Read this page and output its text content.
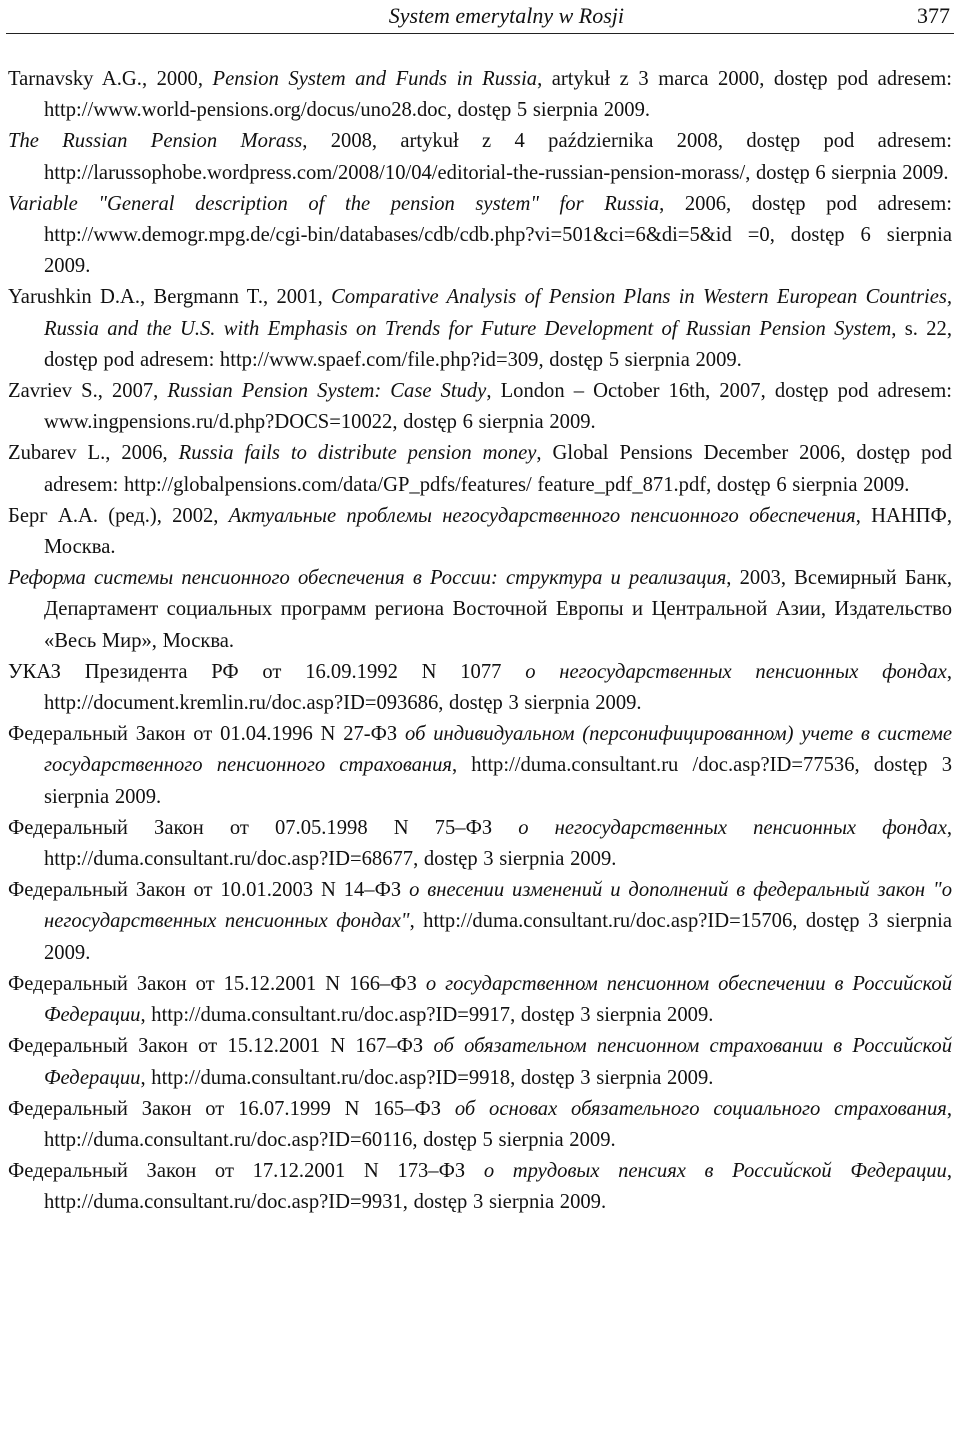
System emerytalny w Rosji	377

Tarnavsky A.G., 2000, Pension System and Funds in Russia, artykuł z 3 marca 2000, dostęp pod adresem: http://www.world-pensions.org/docus/uno28.doc, dostęp 5 sierpnia 2009.

The Russian Pension Morass, 2008, artykuł z 4 października 2008, dostęp pod adresem: http://larussophobe.wordpress.com/2008/10/04/editorial-the-russian-pension-morass/, dostęp 6 sierpnia 2009.

Variable "General description of the pension system" for Russia, 2006, dostęp pod adresem: http://www.demogr.mpg.de/cgi-bin/databases/cdb/cdb.php?vi=501&ci=6&di=5&id =0, dostęp 6 sierpnia 2009.

Yarushkin D.A., Bergmann T., 2001, Comparative Analysis of Pension Plans in Western European Countries, Russia and the U.S. with Emphasis on Trends for Future Development of Russian Pension System, s. 22, dostęp pod adresem: http://www.spaef.com/file.php?id=309, dostęp 5 sierpnia 2009.

Zavriev S., 2007, Russian Pension System: Case Study, London – October 16th, 2007, dostęp pod adresem: www.ingpensions.ru/d.php?DOCS=10022, dostęp 6 sierpnia 2009.

Zubarev L., 2006, Russia fails to distribute pension money, Global Pensions December 2006, dostęp pod adresem: http://globalpensions.com/data/GP_pdfs/features/ feature_pdf_871.pdf, dostęp 6 sierpnia 2009.

Берг А.А. (ред.), 2002, Актуальные проблемы негосударственного пенсионного обеспечения, НАНПФ, Москва.

Реформа системы пенсионного обеспечения в России: структура и реализация, 2003, Всемирный Банк, Департамент социальных программ региона Восточной Европы и Центральной Азии, Издательство «Весь Мир», Москва.

УКАЗ Президента РФ от 16.09.1992 N 1077 о негосударственных пенсионных фондах, http://document.kremlin.ru/doc.asp?ID=093686, dostęp 3 sierpnia 2009.

Федеральный Закон от 01.04.1996 N 27-ФЗ об индивидуальном (персонифицированном) учете в системе государственного пенсионного страхования, http://duma.consultant.ru /doc.asp?ID=77536, dostęp 3 sierpnia 2009.

Федеральный Закон от 07.05.1998 N 75–ФЗ о негосударственных пенсионных фондах, http://duma.consultant.ru/doc.asp?ID=68677, dostęp 3 sierpnia 2009.

Федеральный Закон от 10.01.2003 N 14–ФЗ о внесении изменений и дополнений в федеральный закон "о негосударственных пенсионных фондах", http://duma.consultant.ru/doc.asp?ID=15706, dostęp 3 sierpnia 2009.

Федеральный Закон от 15.12.2001 N 166–ФЗ о государственном пенсионном обеспечении в Российской Федерации, http://duma.consultant.ru/doc.asp?ID=9917, dostęp 3 sierpnia 2009.

Федеральный Закон от 15.12.2001 N 167–ФЗ об обязательном пенсионном страховании в Российской Федерации, http://duma.consultant.ru/doc.asp?ID=9918, dostęp 3 sierpnia 2009.

Федеральный Закон от 16.07.1999 N 165–ФЗ об основах обязательного социального страхования, http://duma.consultant.ru/doc.asp?ID=60116, dostęp 5 sierpnia 2009.

Федеральный Закон от 17.12.2001 N 173–ФЗ о трудовых пенсиях в Российской Федерации, http://duma.consultant.ru/doc.asp?ID=9931, dostęp 3 sierpnia 2009.
